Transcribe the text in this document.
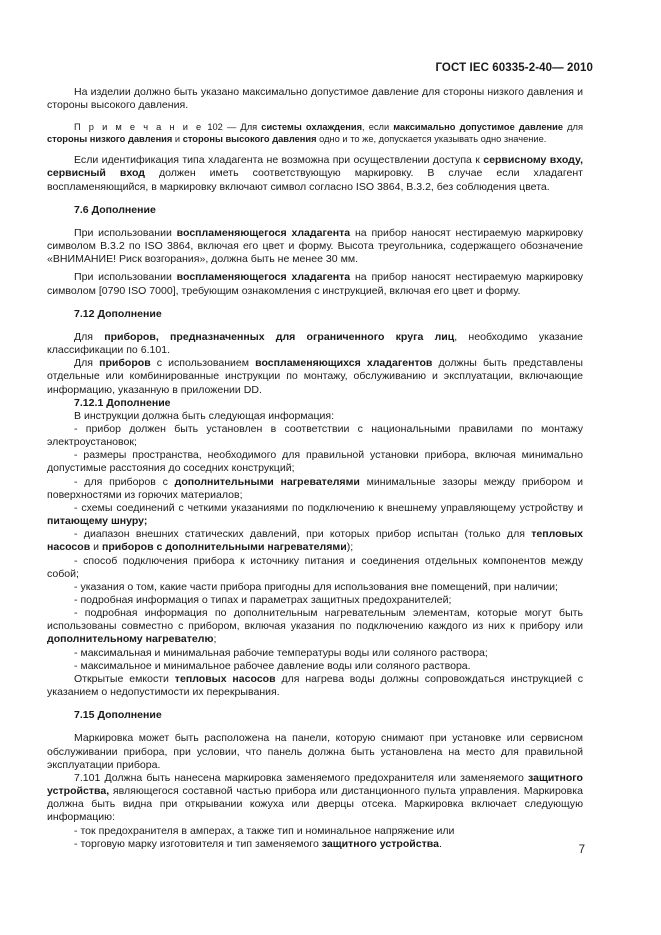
ГОСТ IEC 60335-2-40— 2010

На изделии должно быть указано максимально допустимое давление для стороны низкого давления и стороны высокого давления.

П р и м е ч а н и е 102 — Для системы охлаждения, если максимально допустимое давление для стороны низкого давления и стороны высокого давления одно и то же, допускается указывать одно значение.

Если идентификация типа хладагента не возможна при осуществлении доступа к сервисному входу, сервисный вход должен иметь соответствующую маркировку. В случае если хладагент воспламеняющийся, в маркировку включают символ согласно ISO 3864, B.3.2, без соблюдения цвета.

7.6 Дополнение

При использовании воспламеняющегося хладагента на прибор наносят нестираемую маркировку символом В.3.2 по ISO 3864, включая его цвет и форму. Высота треугольника, содержащего обозначение «ВНИМАНИЕ! Риск возгорания», должна быть не менее 30 мм.

При использовании воспламеняющегося хладагента на прибор наносят нестираемую маркировку символом [0790 ISO 7000], требующим ознакомления с инструкцией, включая его цвет и форму.

7.12 Дополнение

Для приборов, предназначенных для ограниченного круга лиц, необходимо указание классификации по 6.101.

Для приборов с использованием воспламеняющихся хладагентов должны быть представлены отдельные или комбинированные инструкции по монтажу, обслуживанию и эксплуатации, включающие информацию, указанную в приложении DD.

7.12.1 Дополнение

В инструкции должна быть следующая информация:

- прибор должен быть установлен в соответствии с национальными правилами по монтажу электроустановок;

- размеры пространства, необходимого для правильной установки прибора, включая минимально допустимые расстояния до соседних конструкций;

- для приборов с дополнительными нагревателями минимальные зазоры между прибором и поверхностями из горючих материалов;

- схемы соединений с четкими указаниями по подключению к внешнему управляющему устройству и питающему шнуру;

- диапазон внешних статических давлений, при которых прибор испытан (только для тепловых насосов и приборов с дополнительными нагревателями);

- способ подключения прибора к источнику питания и соединения отдельных компонентов между собой;

- указания о том, какие части прибора пригодны для использования вне помещений, при наличии;

- подробная информация о типах и параметрах защитных предохранителей;

- подробная информация по дополнительным нагревательным элементам, которые могут быть использованы совместно с прибором, включая указания по подключению каждого из них к прибору или дополнительному нагревателю;

- максимальная и минимальная рабочие температуры воды или соляного раствора;

- максимальное и минимальное рабочее давление воды или соляного раствора.

Открытые емкости тепловых насосов для нагрева воды должны сопровождаться инструкцией с указанием о недопустимости их перекрывания.

7.15 Дополнение

Маркировка может быть расположена на панели, которую снимают при установке или сервисном обслуживании прибора, при условии, что панель должна быть установлена на место для правильной эксплуатации прибора.

7.101 Должна быть нанесена маркировка заменяемого предохранителя или заменяемого защитного устройства, являющегося составной частью прибора или дистанционного пульта управления. Маркировка должна быть видна при открывании кожуха или дверцы отсека. Маркировка включает следующую информацию:

- ток предохранителя в амперах, а также тип и номинальное напряжение или

- торговую марку изготовителя и тип заменяемого защитного устройства.

7
